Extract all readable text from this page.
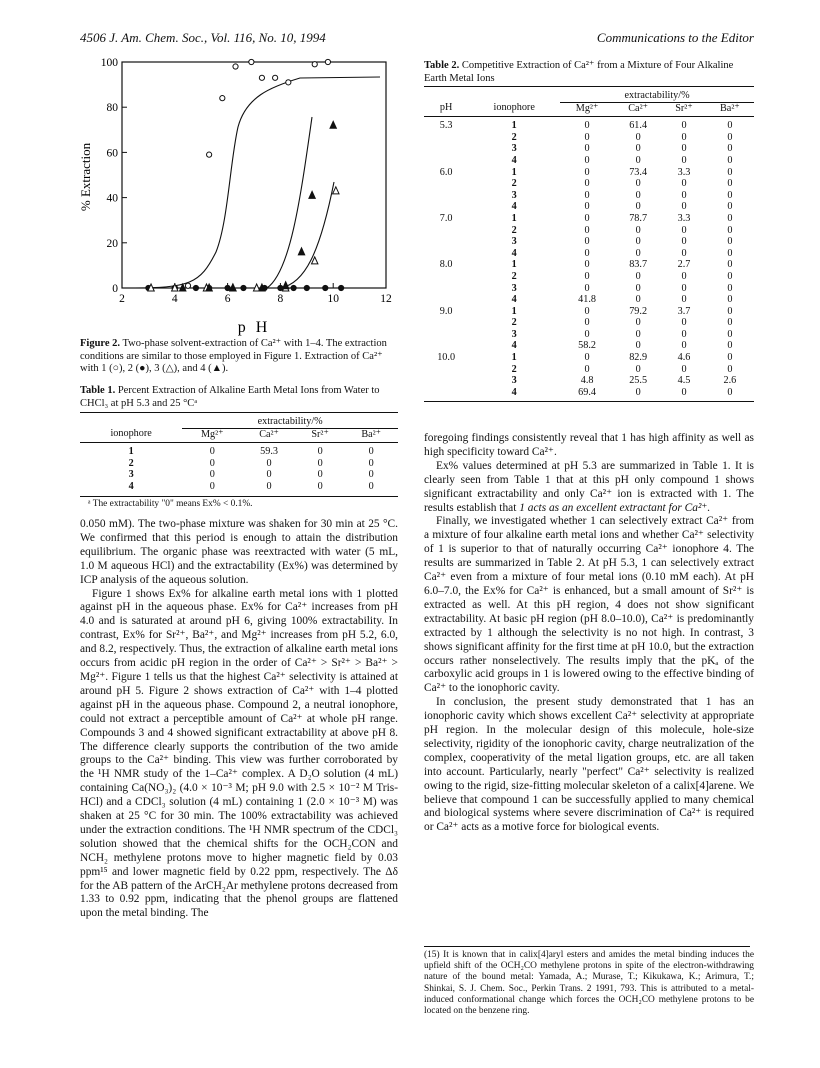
4506 J. Am. Chem. Soc., Vol. 116, No. 10, 1994	Communications to the Editor
% Extraction
p H
2	4	6	8	10	12
0
20
40
60
80
100
Figure 2. Two-phase solvent-extraction of Ca²⁺ with 1–4. The extraction conditions are similar to those employed in Figure 1. Extraction of Ca²⁺ with 1 (○), 2 (●), 3 (△), and 4 (▲).
Table 1. Percent Extraction of Alkaline Earth Metal Ions from Water to CHCl₃ at pH 5.3 and 25 °Cᵃ
	extractability/%			
ionophore	Mg²⁺	Ca²⁺	Sr²⁺	Ba²⁺
1	0	59.3	0	0
2	0	0	0	0
3	0	0	0	0
4	0	0	0	0
ᵃ The extractability "0" means Ex% < 0.1%.

0.050 mM). The two-phase mixture was shaken for 30 min at 25 °C. We confirmed that this period is enough to attain the distribution equilibrium. The organic phase was reextracted with water (5 mL, 1.0 M aqueous HCl) and the extractability (Ex%) was determined by ICP analysis of the aqueous solution.

Figure 1 shows Ex% for alkaline earth metal ions with 1 plotted against pH in the aqueous phase. Ex% for Ca²⁺ increases from pH 4.0 and is saturated at around pH 6, giving 100% extractability. In contrast, Ex% for Sr²⁺, Ba²⁺, and Mg²⁺ increases from pH 5.2, 6.0, and 8.2, respectively. Thus, the extraction of alkaline earth metal ions occurs from acidic pH region in the order of Ca²⁺ > Sr²⁺ > Ba²⁺ > Mg²⁺. Figure 1 tells us that the highest Ca²⁺ selectivity is attained at around pH 5. Figure 2 shows extraction of Ca²⁺ with 1–4 plotted against pH in the aqueous phase. Compound 2, a neutral ionophore, could not extract a perceptible amount of Ca²⁺ at whole pH range. Compounds 3 and 4 showed significant extractability at above pH 8. The difference clearly supports the contribution of the two amide groups to the Ca²⁺ binding. This view was further corroborated by the ¹H NMR study of the 1–Ca²⁺ complex. A D₂O solution (4 mL) containing Ca(NO₃)₂ (4.0 × 10⁻³ M; pH 9.0 with 2.5 × 10⁻² M Tris-HCl) and a CDCl₃ solution (4 mL) containing 1 (2.0 × 10⁻³ M) was shaken at 25 °C for 30 min. The 100% extractability was achieved under the extraction conditions. The ¹H NMR spectrum of the CDCl₃ solution showed that the chemical shifts for the OCH₂CON and NCH₂ methylene protons move to higher magnetic field by 0.03 ppm¹⁵ and lower magnetic field by 0.22 ppm, respectively. The Δδ for the AB pattern of the ArCH₂Ar methylene protons decreased from 1.33 to 0.92 ppm, indicating that the phenol groups are flattened upon the metal binding. The

Table 2. Competitive Extraction of Ca²⁺ from a Mixture of Four Alkaline Earth Metal Ions
		extractability/%			
pH	ionophore	Mg²⁺	Ca²⁺	Sr²⁺	Ba²⁺
5.3	1	0	61.4	0	0
	2	0	0	0	0
	3	0	0	0	0
	4	0	0	0	0
6.0	1	0	73.4	3.3	0
	2	0	0	0	0
	3	0	0	0	0
	4	0	0	0	0
7.0	1	0	78.7	3.3	0
	2	0	0	0	0
	3	0	0	0	0
	4	0	0	0	0
8.0	1	0	83.7	2.7	0
	2	0	0	0	0
	3	0	0	0	0
	4	41.8	0	0	0
9.0	1	0	79.2	3.7	0
	2	0	0	0	0
	3	0	0	0	0
	4	58.2	0	0	0
10.0	1	0	82.9	4.6	0
	2	0	0	0	0
	3	4.8	25.5	4.5	2.6
	4	69.4	0	0	0

foregoing findings consistently reveal that 1 has high affinity as well as high specificity toward Ca²⁺.

Ex% values determined at pH 5.3 are summarized in Table 1. It is clearly seen from Table 1 that at this pH only compound 1 shows significant extractability and only Ca²⁺ ion is extracted with 1. The results establish that 1 acts as an excellent extractant for Ca²⁺.

Finally, we investigated whether 1 can selectively extract Ca²⁺ from a mixture of four alkaline earth metal ions and whether Ca²⁺ selectivity of 1 is superior to that of naturally occurring Ca²⁺ ionophore 4. The results are summarized in Table 2. At pH 5.3, 1 can selectively extract Ca²⁺ even from a mixture of four metal ions (0.10 mM each). At pH 6.0–7.0, the Ex% for Ca²⁺ is enhanced, but a small amount of Sr²⁺ is extracted as well. At this pH region, 4 does not show significant extractability. At basic pH region (pH 8.0–10.0), Ca²⁺ is predominantly extracted by 1 although the selectivity is no not high. In contrast, 3 shows significant affinity for the first time at pH 10.0, but the extraction occurs rather nonselectively. The results imply that the pKₐ of the carboxylic acid groups in 1 is lowered owing to the effective binding of Ca²⁺ to the ionophoric cavity.

In conclusion, the present study demonstrated that 1 has an ionophoric cavity which shows excellent Ca²⁺ selectivity at appropriate pH region. In the molecular design of this molecule, hole-size selectivity, rigidity of the ionophoric cavity, charge neutralization of the complex, cooperativity of the metal ligation groups, etc. are all taken into account. Particularly, nearly "perfect" Ca²⁺ selectivity is realized owing to the rigid, size-fitting molecular skeleton of a calix[4]arene. We believe that compound 1 can be successfully applied to many chemical and biological systems where severe discrimination of Ca²⁺ is required or Ca²⁺ acts as a motive force for biological events.

(15) It is known that in calix[4]aryl esters and amides the metal binding induces the upfield shift of the OCH₂CO methylene protons in spite of the electron-withdrawing nature of the bound metal: Yamada, A.; Murase, T.; Kikukawa, K.; Arimura, T.; Shinkai, S. J. Chem. Soc., Perkin Trans. 2 1991, 793. This is attributed to a metal-induced conformational change which forces the OCH₂CO methylene protons to be located on the benzene ring.
